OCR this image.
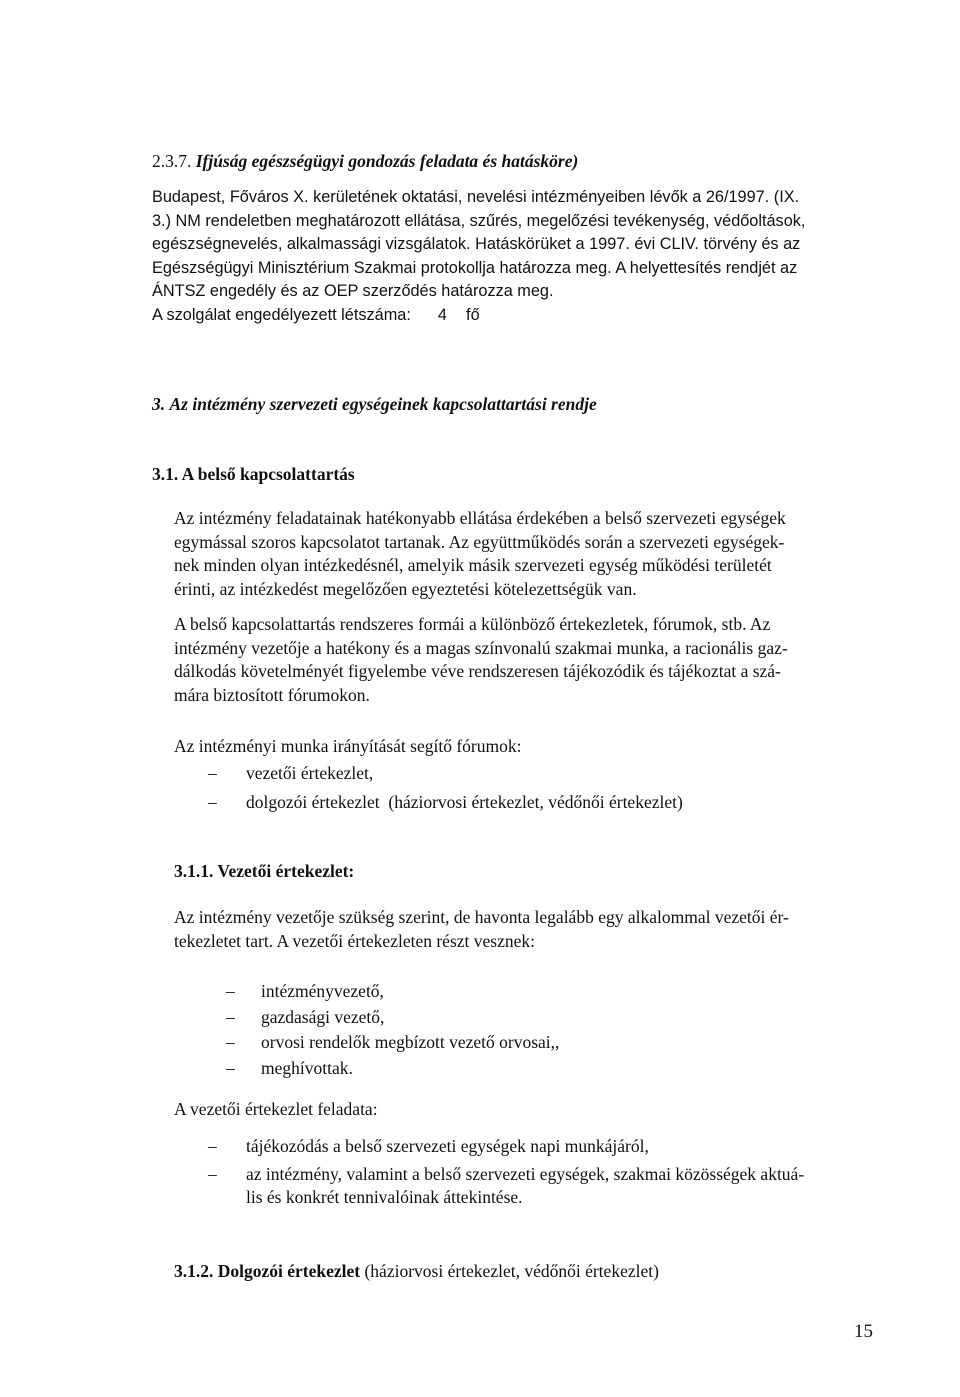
2.3.7. Ifjúság egészségügyi gondozás feladata és hatásköre)
Budapest, Főváros X. kerületének oktatási, nevelési intézményeiben lévők a 26/1997. (IX.
3.) NM rendeletben meghatározott ellátása, szűrés, megelőzési tevékenység, védőoltások,
egészségnevelés, alkalmassági vizsgálatok. Hatáskörüket a 1997. évi CLIV. törvény és az
Egészségügyi Minisztérium Szakmai protokollja határozza meg. A helyettesítés rendjét az
ÁNTSZ engedély és az OEP szerződés határozza meg.
A szolgálat engedélyezett létszáma: 4 fő
3. Az intézmény szervezeti egységeinek kapcsolattartási rendje
3.1. A belső kapcsolattartás
Az intézmény feladatainak hatékonyabb ellátása érdekében a belső szervezeti egységek
egymással szoros kapcsolatot tartanak. Az együttműködés során a szervezeti egységek-
nek minden olyan intézkedésnél, amelyik másik szervezeti egység működési területét
érinti, az intézkedést megelőzően egyeztetési kötelezettségük van.
A belső kapcsolattartás rendszeres formái a különböző értekezletek, fórumok, stb. Az
intézmény vezetője a hatékony és a magas színvonalú szakmai munka, a racionális gaz-
dálkodás követelményét figyelembe véve rendszeresen tájékozódik és tájékoztat a szá-
mára biztosított fórumokon.
Az intézményi munka irányítását segítő fórumok:
– vezetői értekezlet,
– dolgozói értekezlet  (háziorvosi értekezlet, védőnői értekezlet)
3.1.1. Vezetői értekezlet:
Az intézmény vezetője szükség szerint, de havonta legalább egy alkalommal vezetői ér-
tekezletet tart. A vezetői értekezleten részt vesznek:
– intézményvezető,
– gazdasági vezető,
– orvosi rendelők megbízott vezető orvosai,,
– meghívottak.
A vezetői értekezlet feladata:
– tájékozódás a belső szervezeti egységek napi munkájáról,
– az intézmény, valamint a belső szervezeti egységek, szakmai közösségek aktuá-
lis és konkrét tennivalóinak áttekintése.
3.1.2. Dolgozói értekezlet (háziorvosi értekezlet, védőnői értekezlet)
15
